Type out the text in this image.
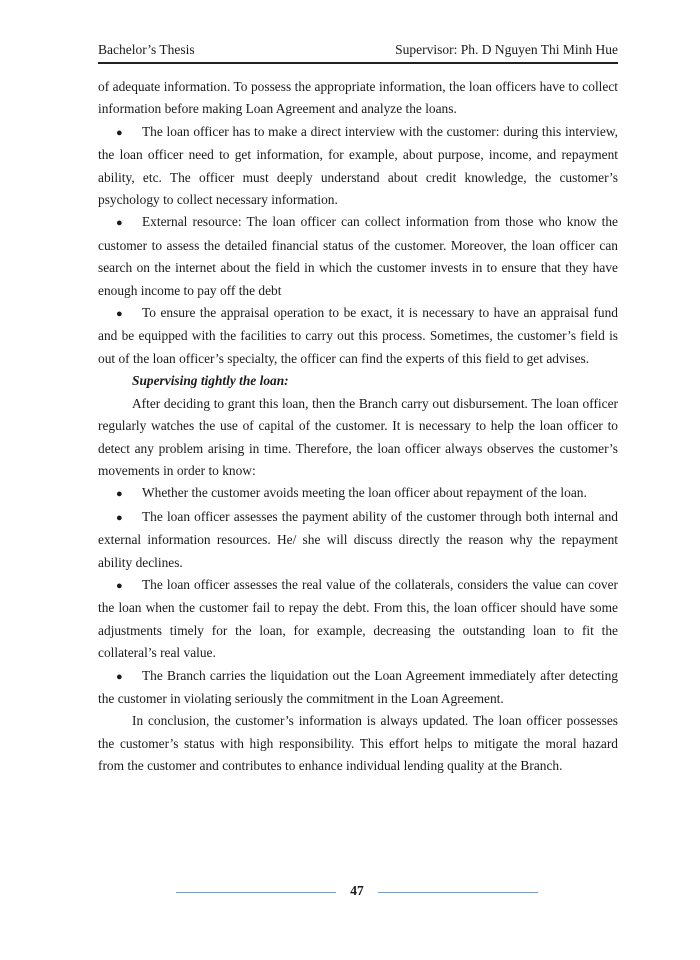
Bachelor’s Thesis	Supervisor: Ph. D Nguyen Thi Minh Hue

of adequate information. To possess the appropriate information, the loan officers have to collect information before making Loan Agreement and analyze the loans.

● The loan officer has to make a direct interview with the customer: during this interview, the loan officer need to get information, for example, about purpose, income, and repayment ability, etc. The officer must deeply understand about credit knowledge, the customer’s psychology to collect necessary information.

● External resource: The loan officer can collect information from those who know the customer to assess the detailed financial status of the customer. Moreover, the loan officer can search on the internet about the field in which the customer invests in to ensure that they have enough income to pay off the debt

● To ensure the appraisal operation to be exact, it is necessary to have an appraisal fund and be equipped with the facilities to carry out this process. Sometimes, the customer’s field is out of the loan officer’s specialty, the officer can find the experts of this field to get advises.

Supervising tightly the loan:

After deciding to grant this loan, then the Branch carry out disbursement. The loan officer regularly watches the use of capital of the customer. It is necessary to help the loan officer to detect any problem arising in time. Therefore, the loan officer always observes the customer’s movements in order to know:

● Whether the customer avoids meeting the loan officer about repayment of the loan.

● The loan officer assesses the payment ability of the customer through both internal and external information resources. He/ she will discuss directly the reason why the repayment ability declines.

● The loan officer assesses the real value of the collaterals, considers the value can cover the loan when the customer fail to repay the debt. From this, the loan officer should have some adjustments timely for the loan, for example, decreasing the outstanding loan to fit the collateral’s real value.

● The Branch carries the liquidation out the Loan Agreement immediately after detecting the customer in violating seriously the commitment in the Loan Agreement.

In conclusion, the customer’s information is always updated. The loan officer possesses the customer’s status with high responsibility. This effort helps to mitigate the moral hazard from the customer and contributes to enhance individual lending quality at the Branch.

47
